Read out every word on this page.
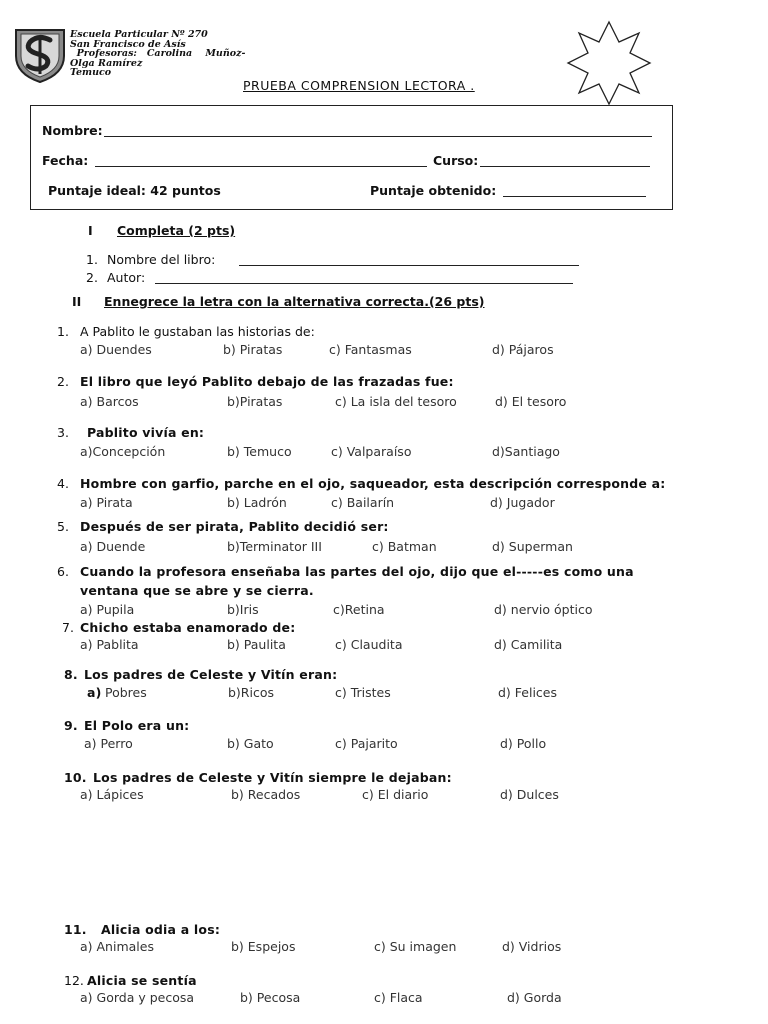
Escuela Particular Nº 270
San Francisco de Asís
Profesoras:   Carolina    Muñoz-
Olga Ramírez
Temuco
PRUEBA COMPRENSION LECTORA .
Nombre:
Fecha:	Curso:
Puntaje ideal: 42 puntos	Puntaje obtenido:
I Completa (2 pts)
1. Nombre del libro:
2. Autor:
II Ennegrece la letra con la alternativa correcta.(26 pts)
1. A Pablito le gustaban las historias de:
a) Duendes	b) Piratas	c) Fantasmas	d) Pájaros
2. El libro que leyó Pablito debajo de las frazadas fue:
a) Barcos	b)Piratas	c) La isla del tesoro	d) El tesoro
3. Pablito vivía en:
a)Concepción	b) Temuco	c) Valparaíso	d)Santiago
4. Hombre con garfio, parche en el ojo, saqueador, esta descripción corresponde a:
a) Pirata	b) Ladrón	c) Bailarín	d) Jugador
5. Después de ser pirata, Pablito decidió ser:
a) Duende	b)Terminator III	c) Batman	d) Superman
6. Cuando la profesora enseñaba las partes del ojo, dijo que el-----es como una
ventana que se abre y se cierra.
a) Pupila	b)Iris	c)Retina	d) nervio óptico
7. Chicho estaba enamorado de:
a) Pablita	b) Paulita	c) Claudita	d) Camilita
8. Los padres de Celeste y Vitín eran:
a) Pobres	b)Ricos	c) Tristes	d) Felices
9. El Polo era un:
a) Perro	b) Gato	c) Pajarito	d) Pollo
10. Los padres de Celeste y Vitín siempre le dejaban:
a) Lápices	b) Recados	c) El diario	d) Dulces
11. Alicia odia a los:
a) Animales	b) Espejos	c) Su imagen	d) Vidrios
12. Alicia se sentía
a) Gorda y pecosa	b) Pecosa	c) Flaca	d) Gorda
